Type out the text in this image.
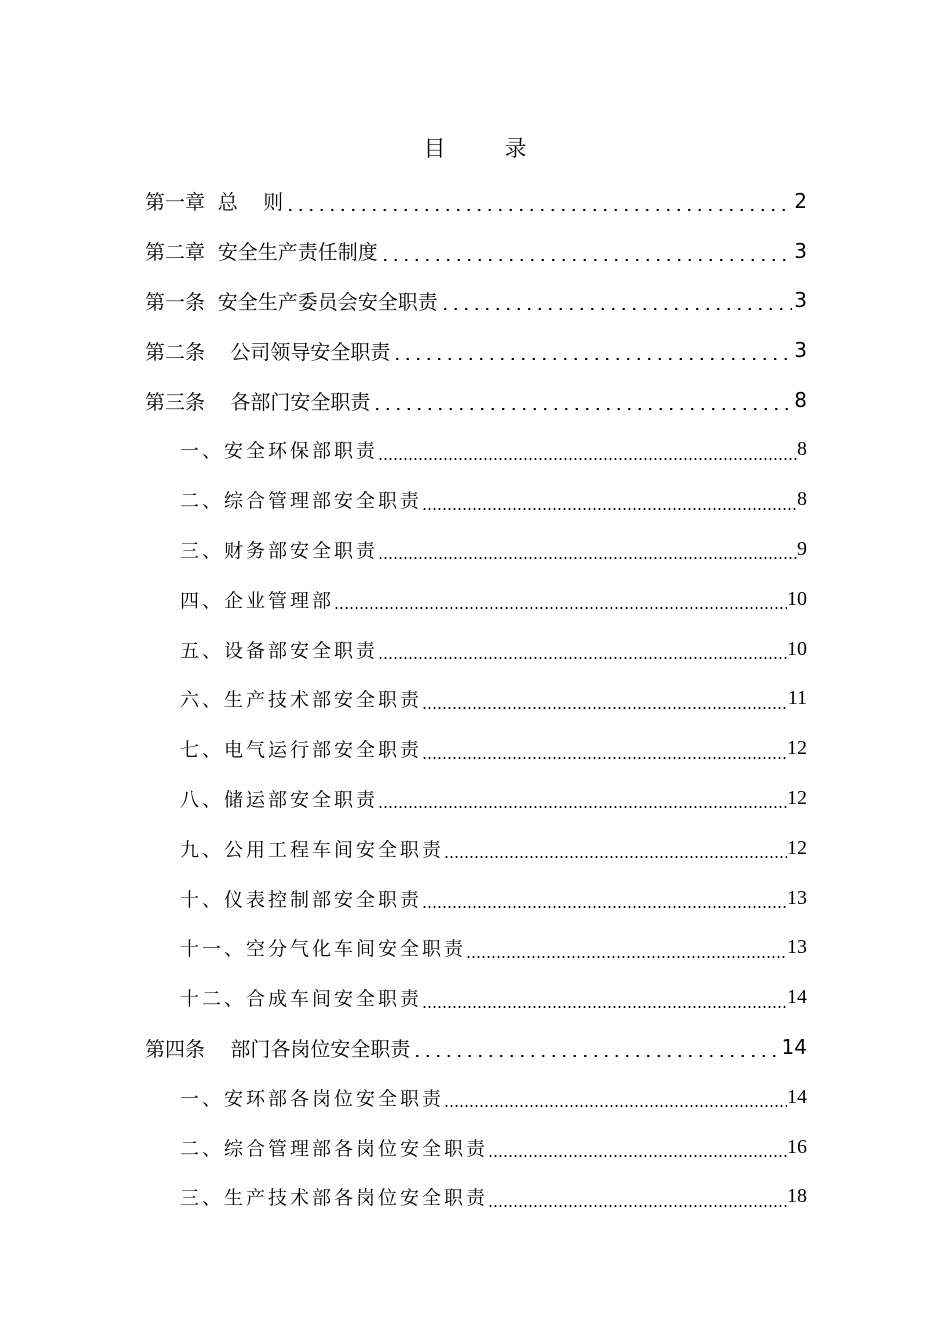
目 录
第一章  总    则	2
第二章  安全生产责任制度	3
第一条  安全生产委员会安全职责	3
第二条    公司领导安全职责	3
第三条    各部门安全职责	8
一、安全环保部职责	8
二、综合管理部安全职责	8
三、财务部安全职责	9
四、企业管理部	10
五、设备部安全职责	10
六、生产技术部安全职责	11
七、电气运行部安全职责	12
八、储运部安全职责	12
九、公用工程车间安全职责	12
十、仪表控制部安全职责	13
十一、空分气化车间安全职责	13
十二、合成车间安全职责	14
第四条    部门各岗位安全职责	14
一、安环部各岗位安全职责	14
二、综合管理部各岗位安全职责	16
三、生产技术部各岗位安全职责	18
